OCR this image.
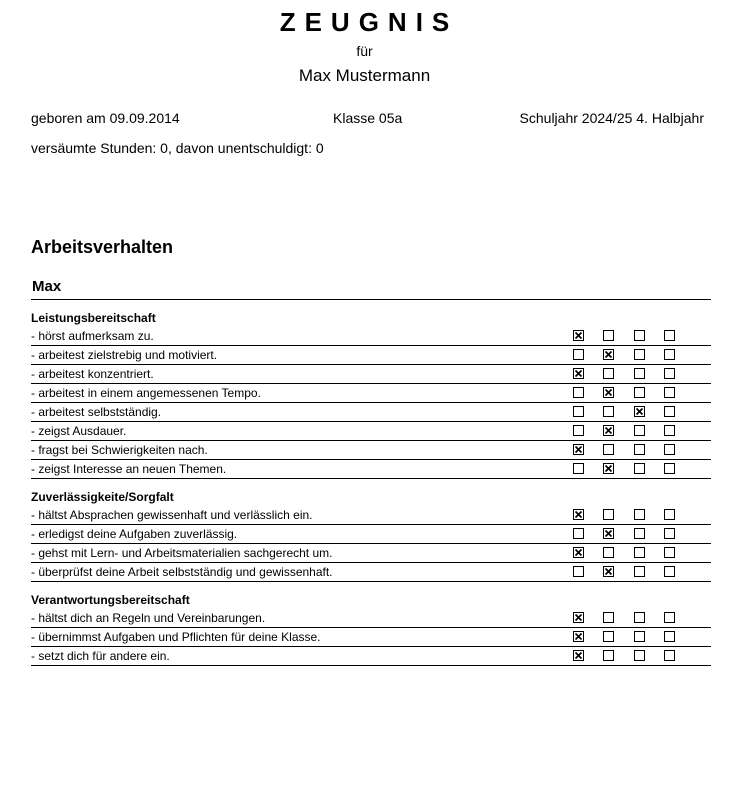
ZEUGNIS
für
Max Mustermann
geboren am 09.09.2014	Klasse 05a	Schuljahr 2024/25 4. Halbjahr
versäumte Stunden: 0, davon unentschuldigt: 0
Arbeitsverhalten
Max
Leistungsbereitschaft
- hörst aufmerksam zu.
- arbeitest zielstrebig und motiviert.
- arbeitest konzentriert.
- arbeitest in einem angemessenen Tempo.
- arbeitest selbstständig.
- zeigst Ausdauer.
- fragst bei Schwierigkeiten nach.
- zeigst Interesse an neuen Themen.
Zuverlässigkeite/Sorgfalt
- hältst Absprachen gewissenhaft und verlässlich ein.
- erledigst deine Aufgaben zuverlässig.
- gehst mit Lern- und Arbeitsmaterialien sachgerecht um.
- überprüfst deine Arbeit selbstständig und gewissenhaft.
Verantwortungsbereitschaft
- hältst dich an Regeln und Vereinbarungen.
- übernimmst Aufgaben und Pflichten für deine Klasse.
- setzt dich für andere ein.
